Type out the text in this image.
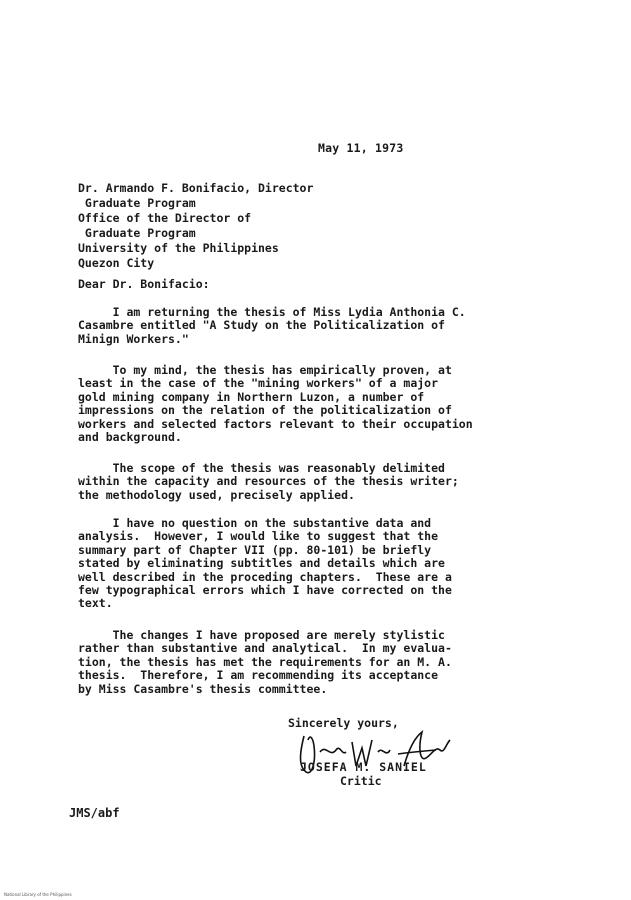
May 11, 1973
Dr. Armando F. Bonifacio, Director
Graduate Program
Office of the Director of
Graduate Program
University of the Philippines
Quezon City
Dear Dr. Bonifacio:
I am returning the thesis of Miss Lydia Anthonia C.
Casambre entitled "A Study on the Politicalization of
Minign Workers."
To my mind, the thesis has empirically proven, at
least in the case of the "mining workers" of a major
gold mining company in Northern Luzon, a number of
impressions on the relation of the politicalization of
workers and selected factors relevant to their occupation
and background.
The scope of the thesis was reasonably delimited
within the capacity and resources of the thesis writer;
the methodology used, precisely applied.
I have no question on the substantive data and
analysis.  However, I would like to suggest that the
summary part of Chapter VII (pp. 80-101) be briefly
stated by eliminating subtitles and details which are
well described in the proceding chapters.  These are a
few typographical errors which I have corrected on the
text.
The changes I have proposed are merely stylistic
rather than substantive and analytical.  In my evalua-
tion, the thesis has met the requirements for an M. A.
thesis.  Therefore, I am recommending its acceptance
by Miss Casambre's thesis committee.
Sincerely yours,
JOSEFA M. SANIEL
Critic
JMS/abf
National Library of the Philippines
